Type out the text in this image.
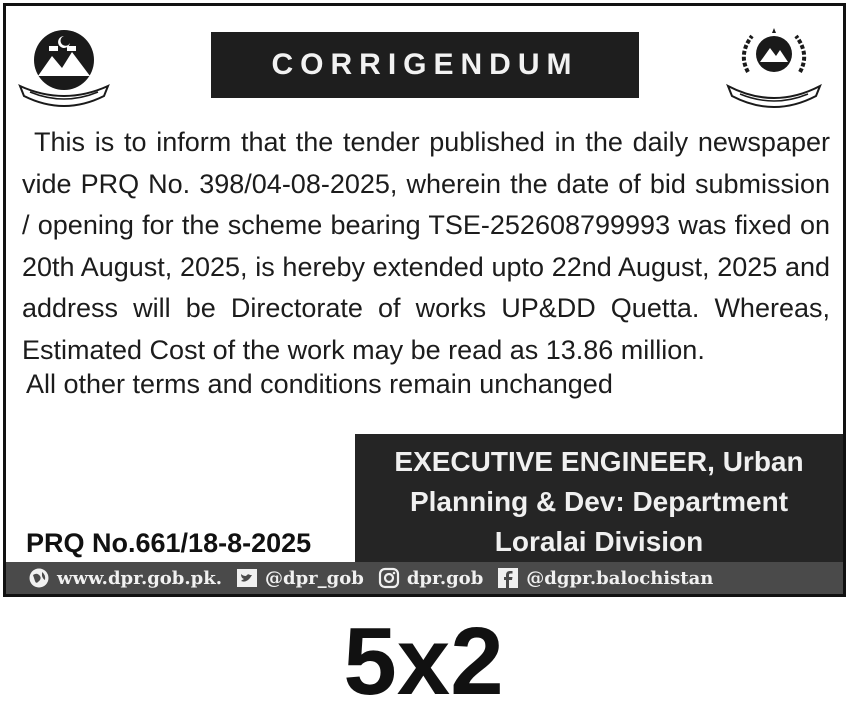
CORRIGENDUM

This is to inform that the tender published in the daily newspaper vide PRQ No. 398/04-08-2025, wherein the date of bid submission / opening for the scheme bearing TSE-252608799993 was fixed on 20th August, 2025, is hereby extended upto 22nd August, 2025 and address will be Directorate of works UP&DD Quetta. Whereas, Estimated Cost of the work may be read as 13.86 million.

All other terms and conditions remain unchanged

EXECUTIVE ENGINEER, Urban
Planning & Dev: Department
Loralai Division

PRQ No.661/18-8-2025

www.dpr.gob.pk. @dpr_gob dpr.gob @dgpr.balochistan
5x2
